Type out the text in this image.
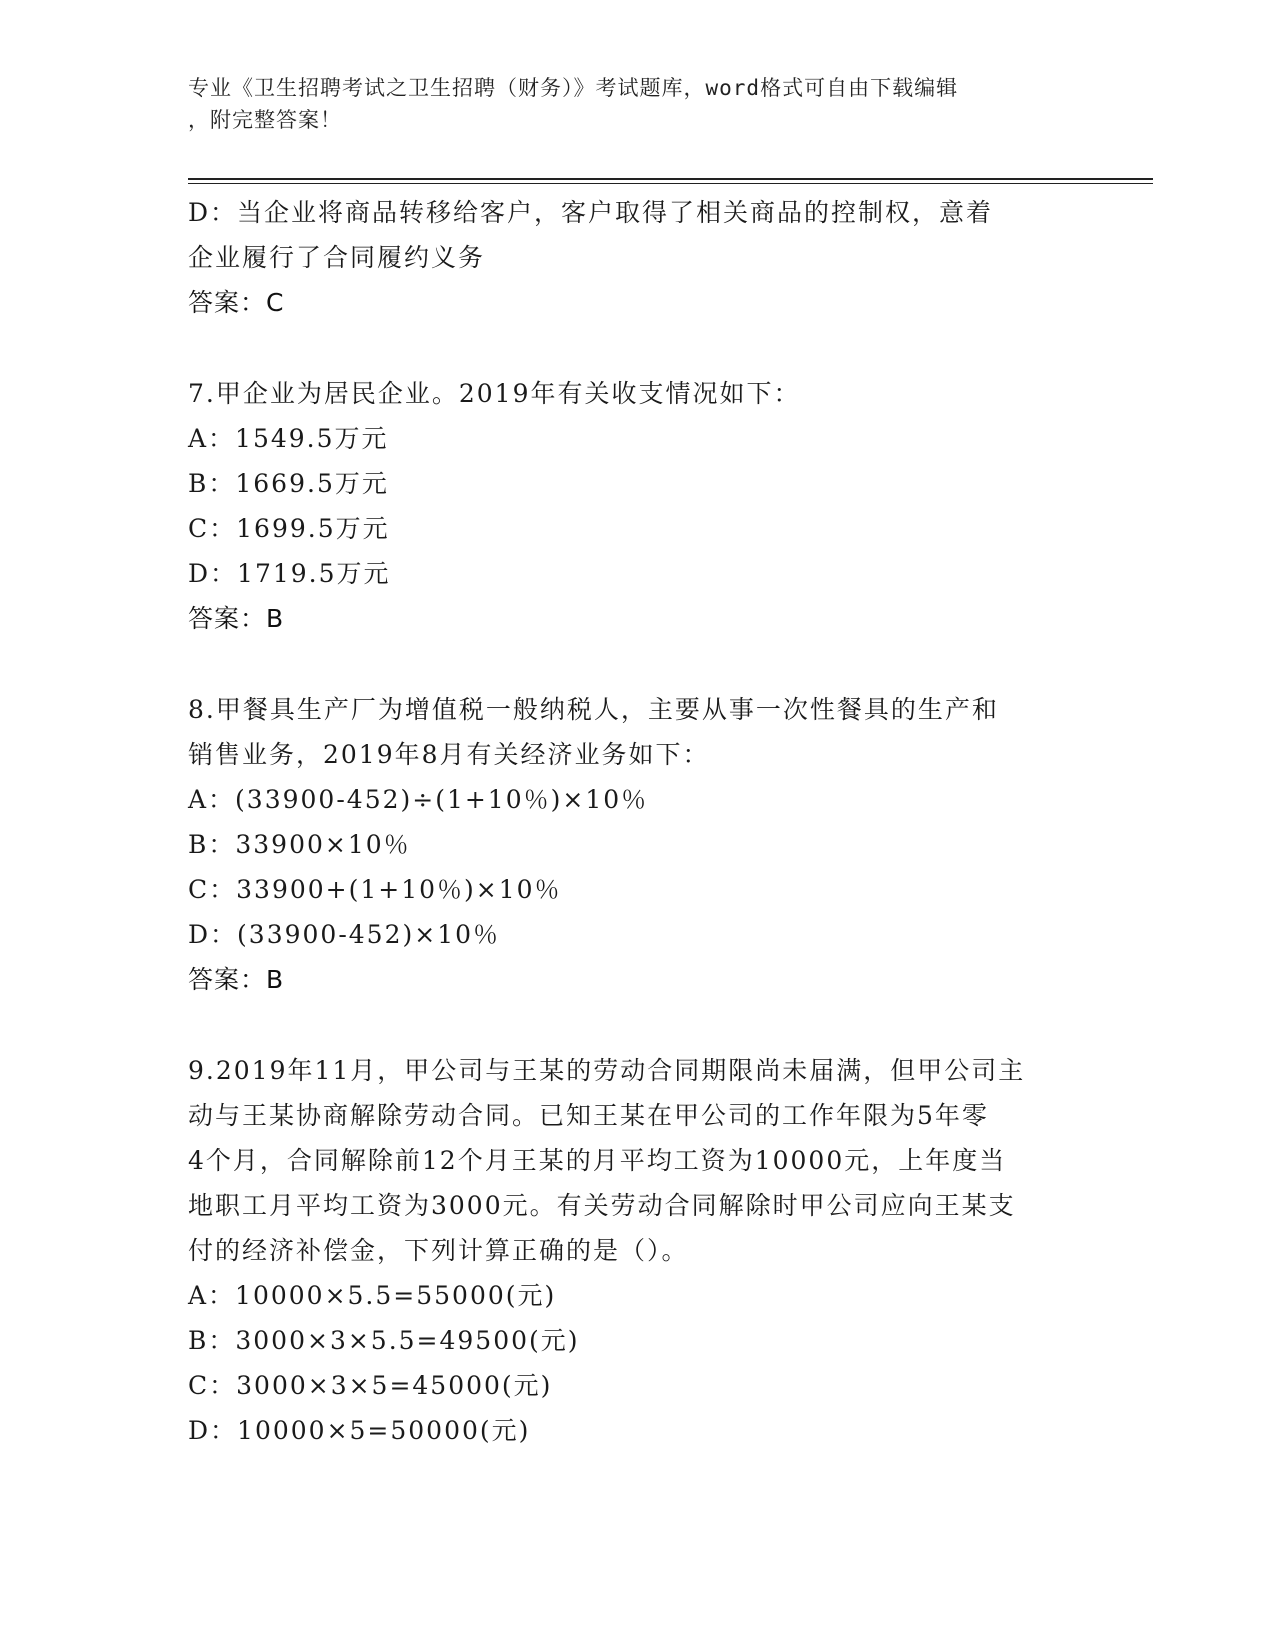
专业《卫生招聘考试之卫生招聘（财务）》考试题库，word格式可自由下载编辑
，附完整答案！
D：当企业将商品转移给客户，客户取得了相关商品的控制权，意着
企业履行了合同履约义务
答案：C
7.甲企业为居民企业。2019年有关收支情况如下：
A：1549.5万元
B：1669.5万元
C：1699.5万元
D：1719.5万元
答案：B
8.甲餐具生产厂为增值税一般纳税人，主要从事一次性餐具的生产和
销售业务，2019年8月有关经济业务如下：
A：(33900-452)÷(1+10％)×10％
B：33900×10％
C：33900+(1+10％)×10％
D：(33900-452)×10％
答案：B
9.2019年11月，甲公司与王某的劳动合同期限尚未届满，但甲公司主
动与王某协商解除劳动合同。已知王某在甲公司的工作年限为5年零
4个月，合同解除前12个月王某的月平均工资为10000元，上年度当
地职工月平均工资为3000元。有关劳动合同解除时甲公司应向王某支
付的经济补偿金，下列计算正确的是（）。
A：10000×5.5=55000(元)
B：3000×3×5.5=49500(元)
C：3000×3×5=45000(元)
D：10000×5=50000(元)
